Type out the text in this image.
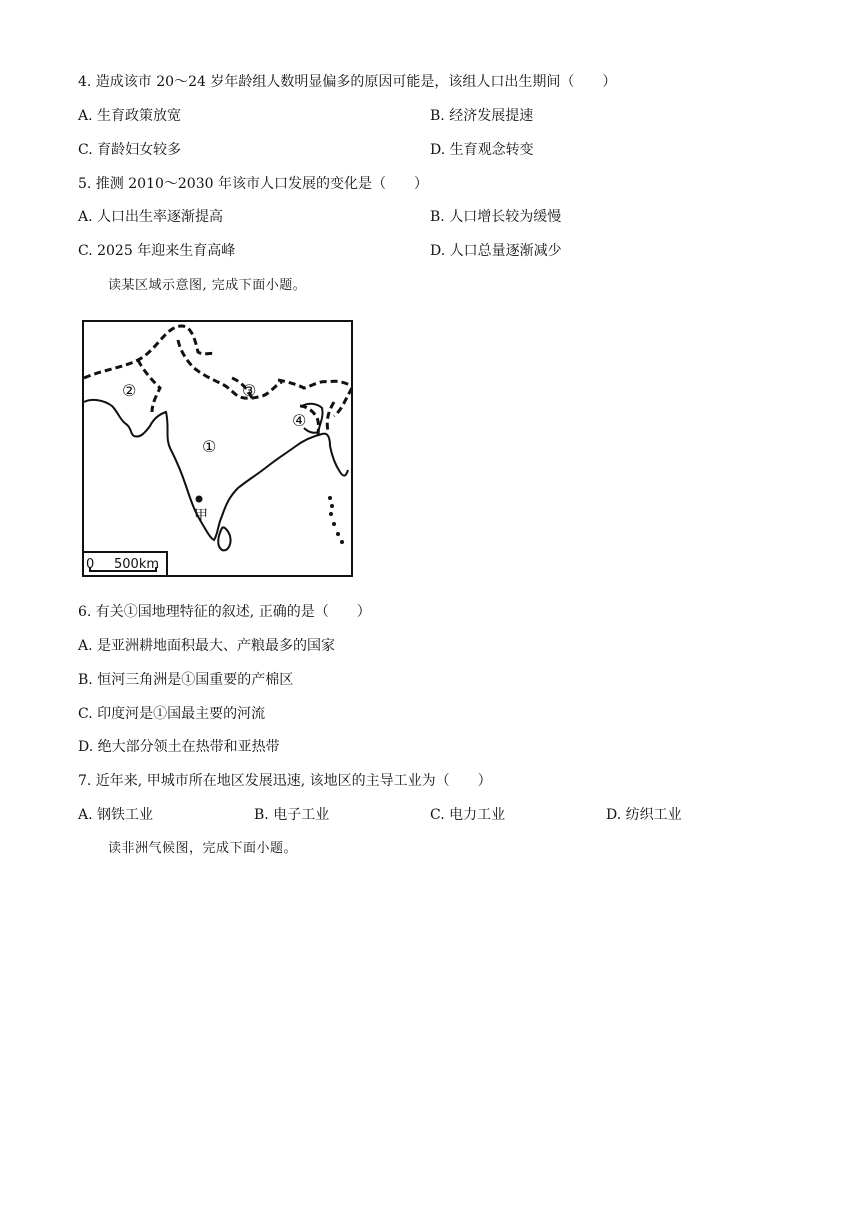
4. 造成该市 20～24 岁年龄组人数明显偏多的原因可能是，该组人口出生期间（　　）
A. 生育政策放宽	B. 经济发展提速
C. 育龄妇女较多	D. 生育观念转变
5. 推测 2010～2030 年该市人口发展的变化是（　　）
A. 人口出生率逐渐提高	B. 人口增长较为缓慢
C. 2025 年迎来生育高峰	D. 人口总量逐渐减少
读某区域示意图, 完成下面小题。
①
②	③
④
甲
0 500km
6. 有关①国地理特征的叙述, 正确的是（　　）
A. 是亚洲耕地面积最大、产粮最多的国家
B. 恒河三角洲是①国重要的产棉区
C. 印度河是①国最主要的河流
D. 绝大部分领土在热带和亚热带
7. 近年来, 甲城市所在地区发展迅速, 该地区的主导工业为（　　）
A. 钢铁工业	B. 电子工业	C. 电力工业	D. 纺织工业
读非洲气候图，完成下面小题。
